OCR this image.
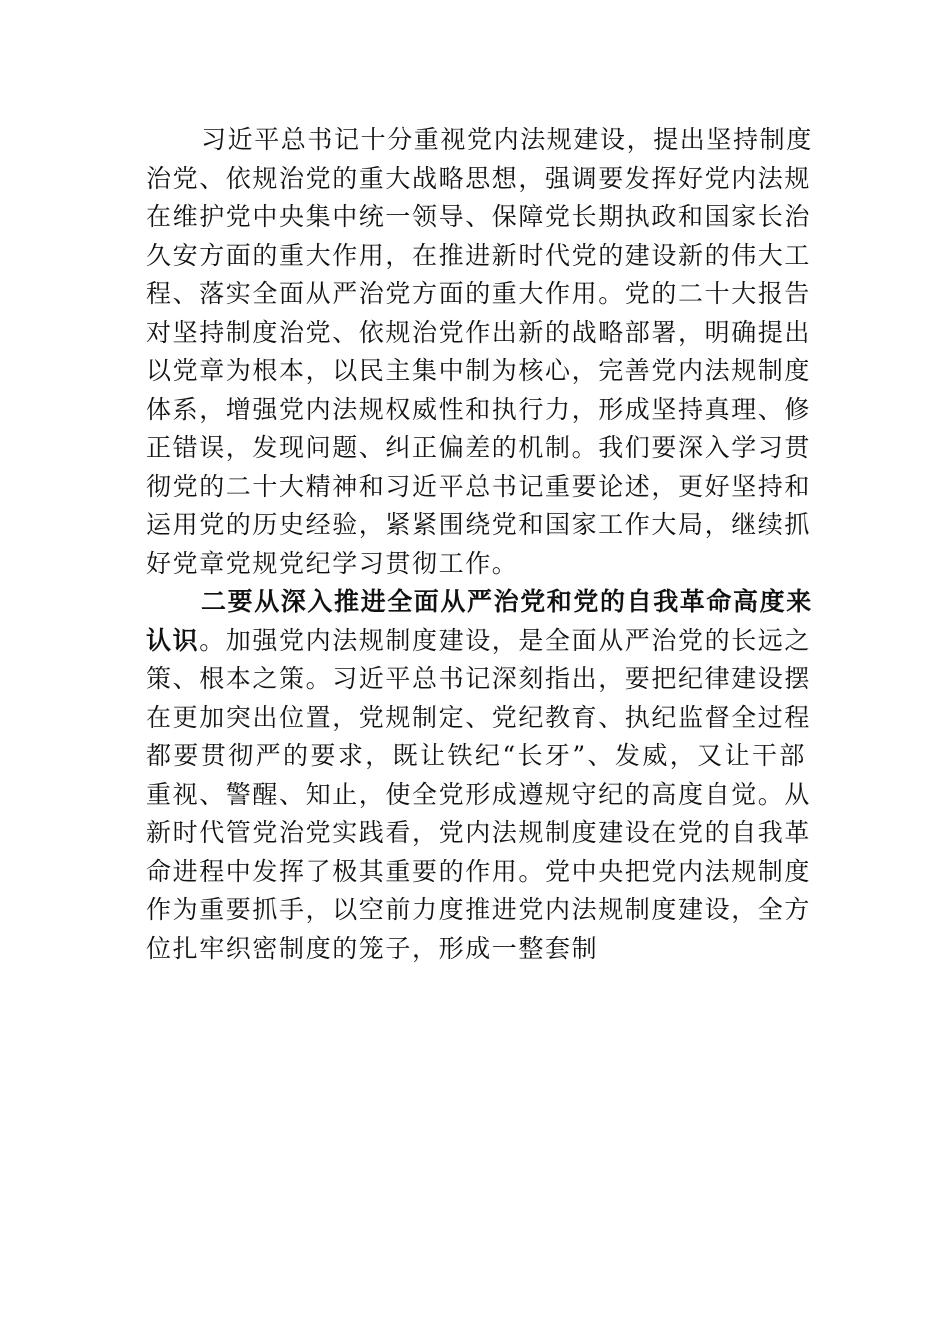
习近平总书记十分重视党内法规建设，提出坚持制度
治党、依规治党的重大战略思想，强调要发挥好党内法规
在维护党中央集中统一领导、保障党长期执政和国家长治
久安方面的重大作用，在推进新时代党的建设新的伟大工
程、落实全面从严治党方面的重大作用。党的二十大报告
对坚持制度治党、依规治党作出新的战略部署，明确提出
以党章为根本，以民主集中制为核心，完善党内法规制度
体系，增强党内法规权威性和执行力，形成坚持真理、修
正错误，发现问题、纠正偏差的机制。我们要深入学习贯
彻党的二十大精神和习近平总书记重要论述，更好坚持和
运用党的历史经验，紧紧围绕党和国家工作大局，继续抓
好党章党规党纪学习贯彻工作。
二要从深入推进全面从严治党和党的自我革命高度来
认识。加强党内法规制度建设，是全面从严治党的长远之
策、根本之策。习近平总书记深刻指出，要把纪律建设摆
在更加突出位置，党规制定、党纪教育、执纪监督全过程
都要贯彻严的要求，既让铁纪“长牙”、发威，又让干部
重视、警醒、知止，使全党形成遵规守纪的高度自觉。从
新时代管党治党实践看，党内法规制度建设在党的自我革
命进程中发挥了极其重要的作用。党中央把党内法规制度
作为重要抓手，以空前力度推进党内法规制度建设，全方
位扎牢织密制度的笼子，形成一整套制
